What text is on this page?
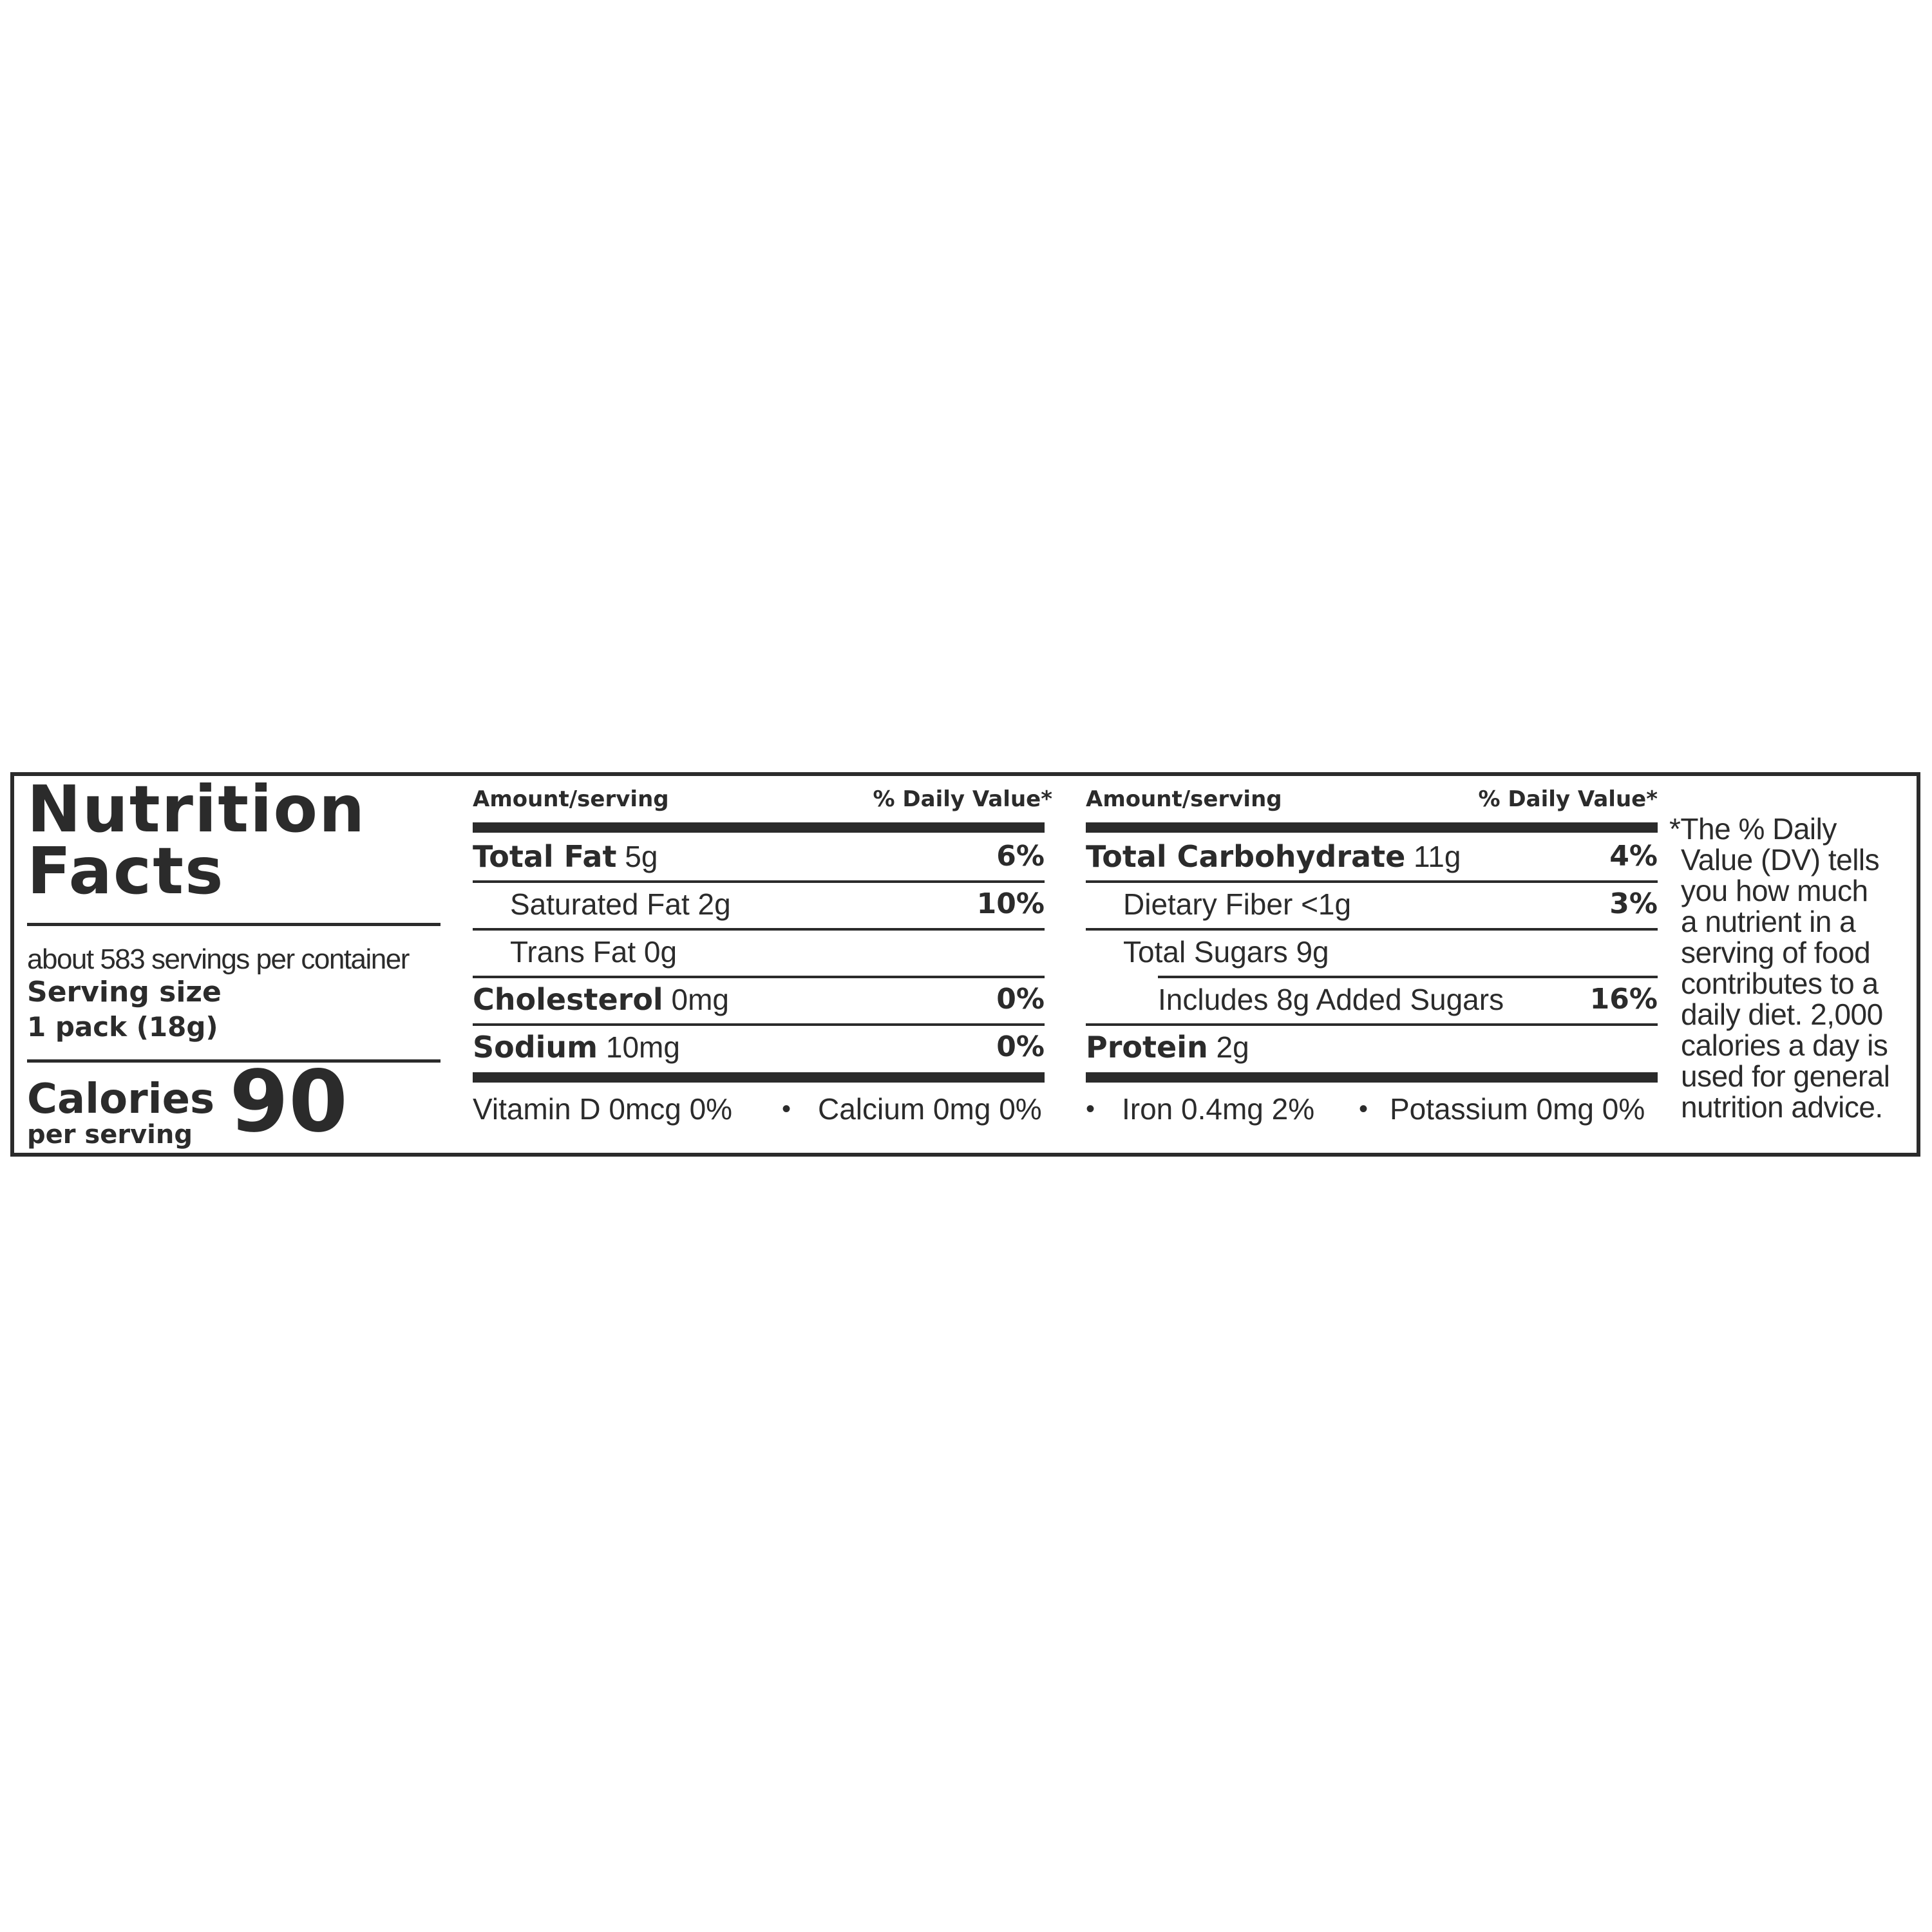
Nutrition
Facts
about 583 servings per container
Serving size
1 pack (18g)
Calories
per serving 90
Amount/serving	% Daily Value*
Total Fat 5g	6%
Saturated Fat 2g	10%
Trans Fat 0g
Cholesterol 0mg	0%
Sodium 10mg	0%
Amount/serving	% Daily Value*
Total Carbohydrate 11g	4%
Dietary Fiber <1g	3%
Total Sugars 9g
Includes 8g Added Sugars	16%
Protein 2g
Vitamin D 0mcg 0% • Calcium 0mg 0% • Iron 0.4mg 2% • Potassium 0mg 0%
*The % Daily
Value (DV) tells
you how much
a nutrient in a
serving of food
contributes to a
daily diet. 2,000
calories a day is
used for general
nutrition advice.
